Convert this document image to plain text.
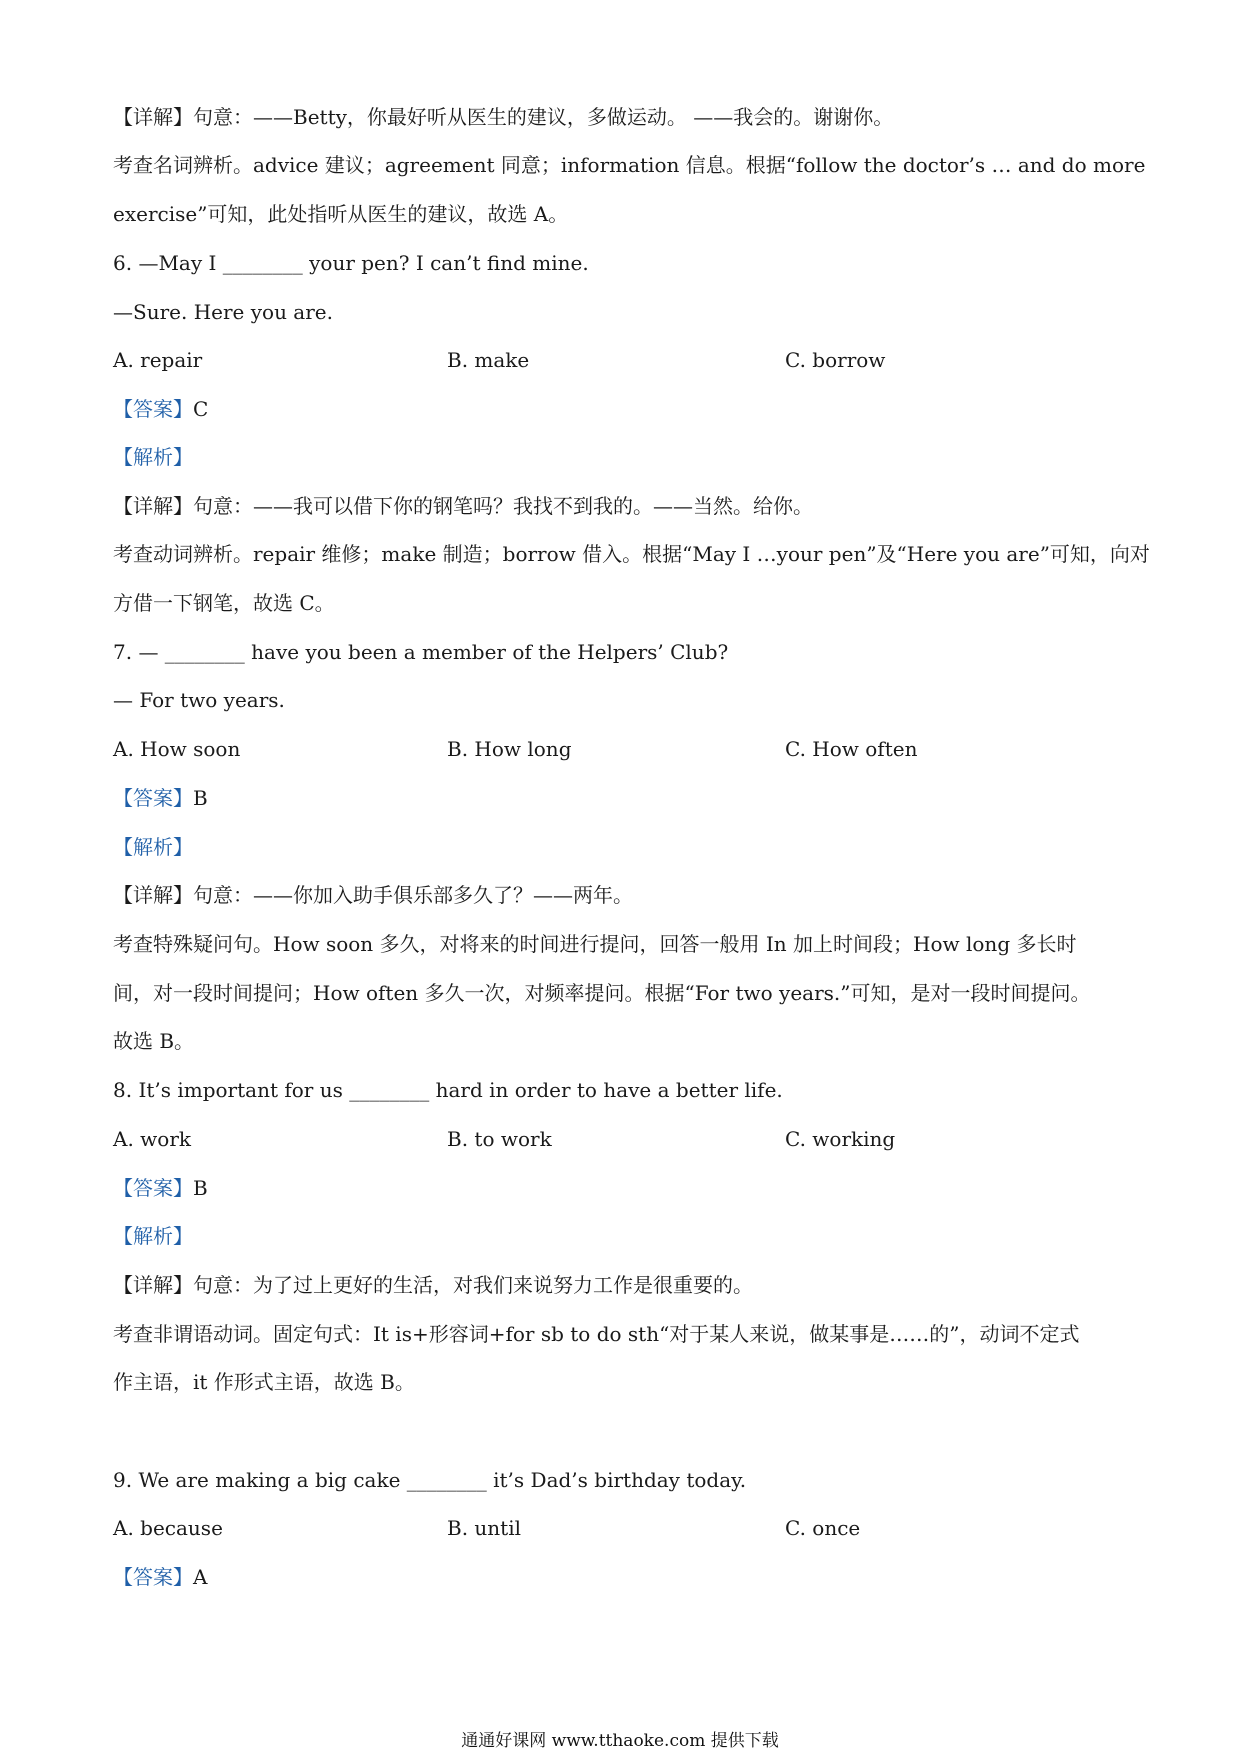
【详解】句意：——Betty，你最好听从医生的建议，多做运动。 ——我会的。谢谢你。
考查名词辨析。advice 建议；agreement 同意；information 信息。根据“follow the doctor’s … and do more
exercise”可知，此处指听从医生的建议，故选 A。
6. —May I ________ your pen? I can’t find mine.
—Sure. Here you are.
A. repair	B. make	C. borrow
【答案】C
【解析】
【详解】句意：——我可以借下你的钢笔吗？我找不到我的。——当然。给你。
考查动词辨析。repair 维修；make 制造；borrow 借入。根据“May I …your pen”及“Here you are”可知，向对
方借一下钢笔，故选 C。
7. — ________ have you been a member of the Helpers’ Club?
— For two years.
A. How soon	B. How long	C. How often
【答案】B
【解析】
【详解】句意：——你加入助手俱乐部多久了？——两年。
考查特殊疑问句。How soon 多久，对将来的时间进行提问，回答一般用 In 加上时间段；How long 多长时
间，对一段时间提问；How often 多久一次，对频率提问。根据“For two years.”可知，是对一段时间提问。
故选 B。
8. It’s important for us ________ hard in order to have a better life.
A. work	B. to work	C. working
【答案】B
【解析】
【详解】句意：为了过上更好的生活，对我们来说努力工作是很重要的。
考查非谓语动词。固定句式：It is+形容词+for sb to do sth“对于某人来说，做某事是……的”，动词不定式
作主语，it 作形式主语，故选 B。
9. We are making a big cake ________ it’s Dad’s birthday today.
A. because	B. until	C. once
【答案】A
通通好课网 www.tthaoke.com 提供下载
